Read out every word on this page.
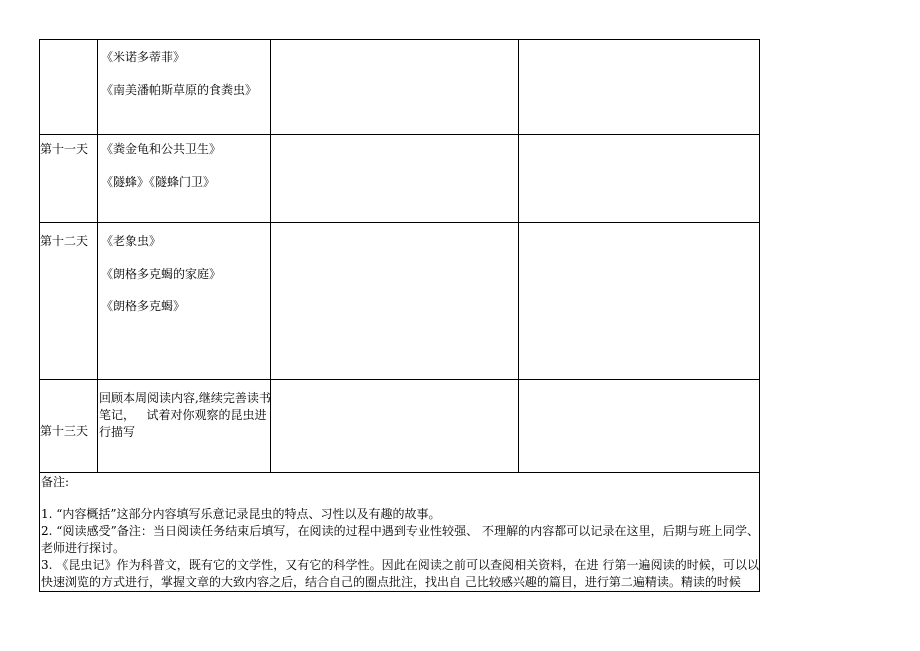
《米诺多蒂菲》
《南美潘帕斯草原的食粪虫》
第十一天 《粪金龟和公共卫生》
《隧蜂》《隧蜂门卫》
第十二天 《老象虫》
《朗格多克蝎的家庭》
《朗格多克蝎》
第十三天
回顾本周阅读内容,继续完善读书笔记，   试着对你观察的昆虫进行描写
备注:
1. “内容概括”这部分内容填写乐意记录昆虫的特点、习性以及有趣的故事。
2. “阅读感受”备注：当日阅读任务结束后填写，在阅读的过程中遇到专业性较强、 不理解的内容都可以记录在这里，后期与班上同学、老师进行探讨。
3. 《昆虫记》作为科普文，既有它的文学性，又有它的科学性。因此在阅读之前可以查阅相关资料，在进 行第一遍阅读的时候，可以以快速浏览的方式进行，掌握文章的大致内容之后，结合自己的圈点批注，找出自 己比较感兴趣的篇目，进行第二遍精读。精读的时候
